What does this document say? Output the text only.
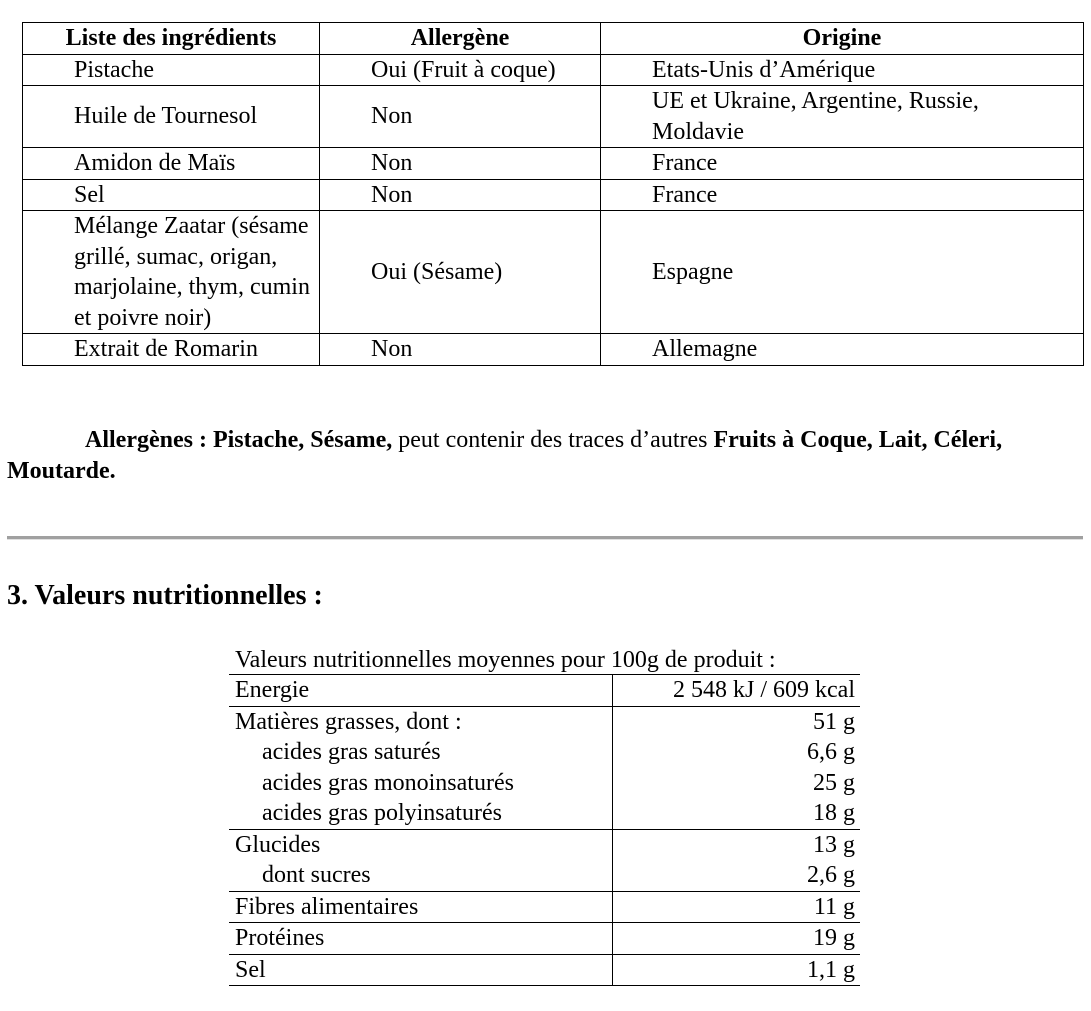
Liste des ingrédients	Allergène	Origine
Pistache	Oui (Fruit à coque)	Etats-Unis d’Amérique
Huile de Tournesol	Non	UE et Ukraine, Argentine, Russie, Moldavie
Amidon de Maïs	Non	France
Sel	Non	France
Mélange Zaatar (sésame grillé, sumac, origan, marjolaine, thym, cumin et poivre noir)	Oui (Sésame)	Espagne
Extrait de Romarin	Non	Allemagne

Allergènes : Pistache, Sésame, peut contenir des traces d’autres Fruits à Coque, Lait, Céleri, Moutarde.

3. Valeurs nutritionnelles :
Valeurs nutritionnelles moyennes pour 100g de produit :
Energie	2 548 kJ / 609 kcal
Matières grasses, dont :	51 g
acides gras saturés	6,6 g
acides gras monoinsaturés	25 g
acides gras polyinsaturés	18 g
Glucides	13 g
dont sucres	2,6 g
Fibres alimentaires	11 g
Protéines	19 g
Sel	1,1 g
